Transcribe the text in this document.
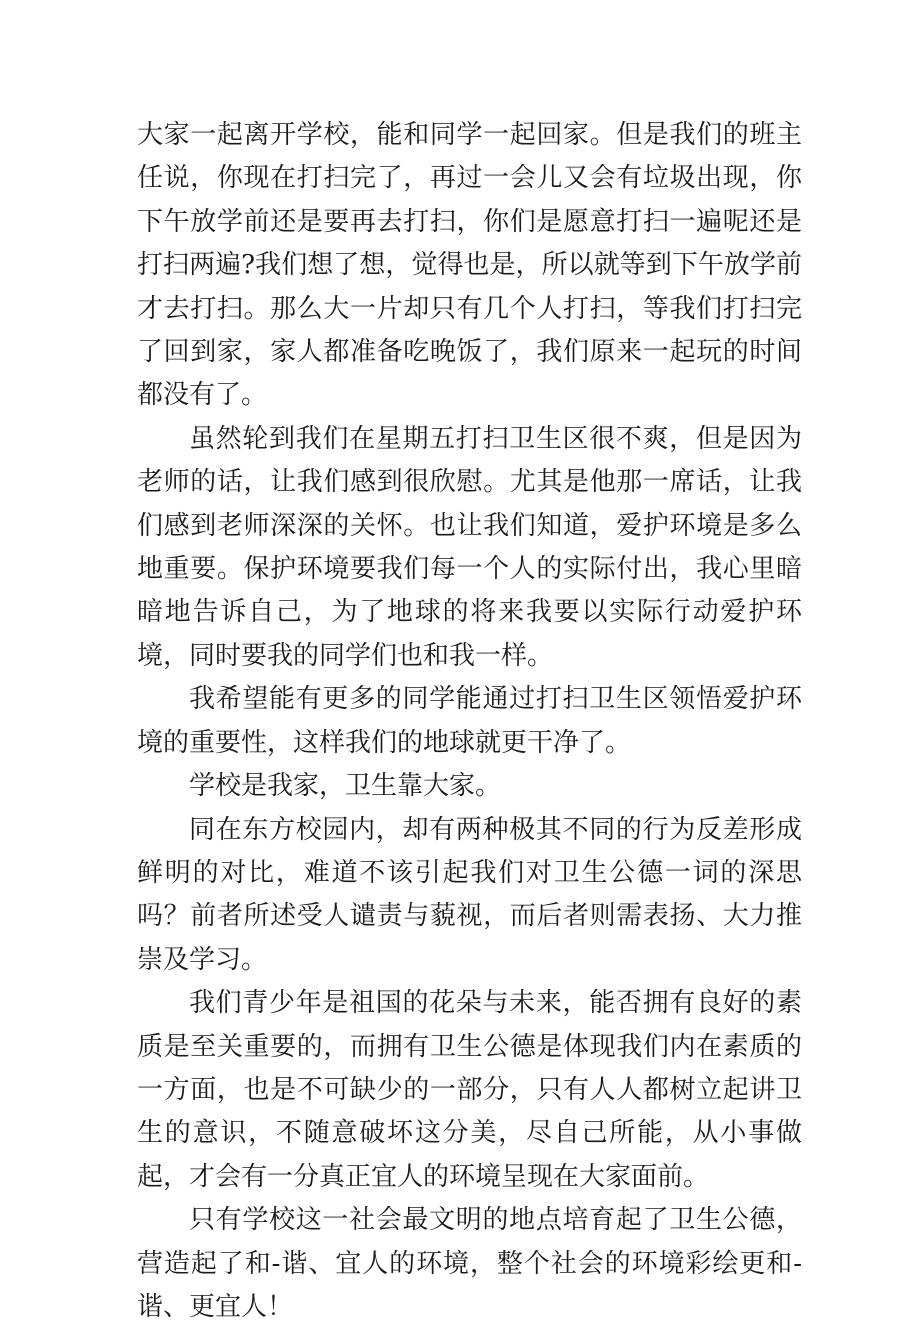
大家一起离开学校，能和同学一起回家。但是我们的班主任说，你现在打扫完了，再过一会儿又会有垃圾出现，你下午放学前还是要再去打扫，你们是愿意打扫一遍呢还是打扫两遍?我们想了想，觉得也是，所以就等到下午放学前才去打扫。那么大一片却只有几个人打扫，等我们打扫完了回到家，家人都准备吃晚饭了，我们原来一起玩的时间都没有了。

虽然轮到我们在星期五打扫卫生区很不爽，但是因为老师的话，让我们感到很欣慰。尤其是他那一席话，让我们感到老师深深的关怀。也让我们知道，爱护环境是多么地重要。保护环境要我们每一个人的实际付出，我心里暗暗地告诉自己，为了地球的将来我要以实际行动爱护环境，同时要我的同学们也和我一样。

我希望能有更多的同学能通过打扫卫生区领悟爱护环境的重要性，这样我们的地球就更干净了。

学校是我家，卫生靠大家。

同在东方校园内，却有两种极其不同的行为反差形成鲜明的对比，难道不该引起我们对卫生公德一词的深思吗？前者所述受人谴责与藐视，而后者则需表扬、大力推崇及学习。

我们青少年是祖国的花朵与未来，能否拥有良好的素质是至关重要的，而拥有卫生公德是体现我们内在素质的一方面，也是不可缺少的一部分，只有人人都树立起讲卫生的意识，不随意破坏这分美，尽自己所能，从小事做起，才会有一分真正宜人的环境呈现在大家面前。

只有学校这一社会最文明的地点培育起了卫生公德，营造起了和-谐、宜人的环境，整个社会的环境彩绘更和-谐、更宜人！
